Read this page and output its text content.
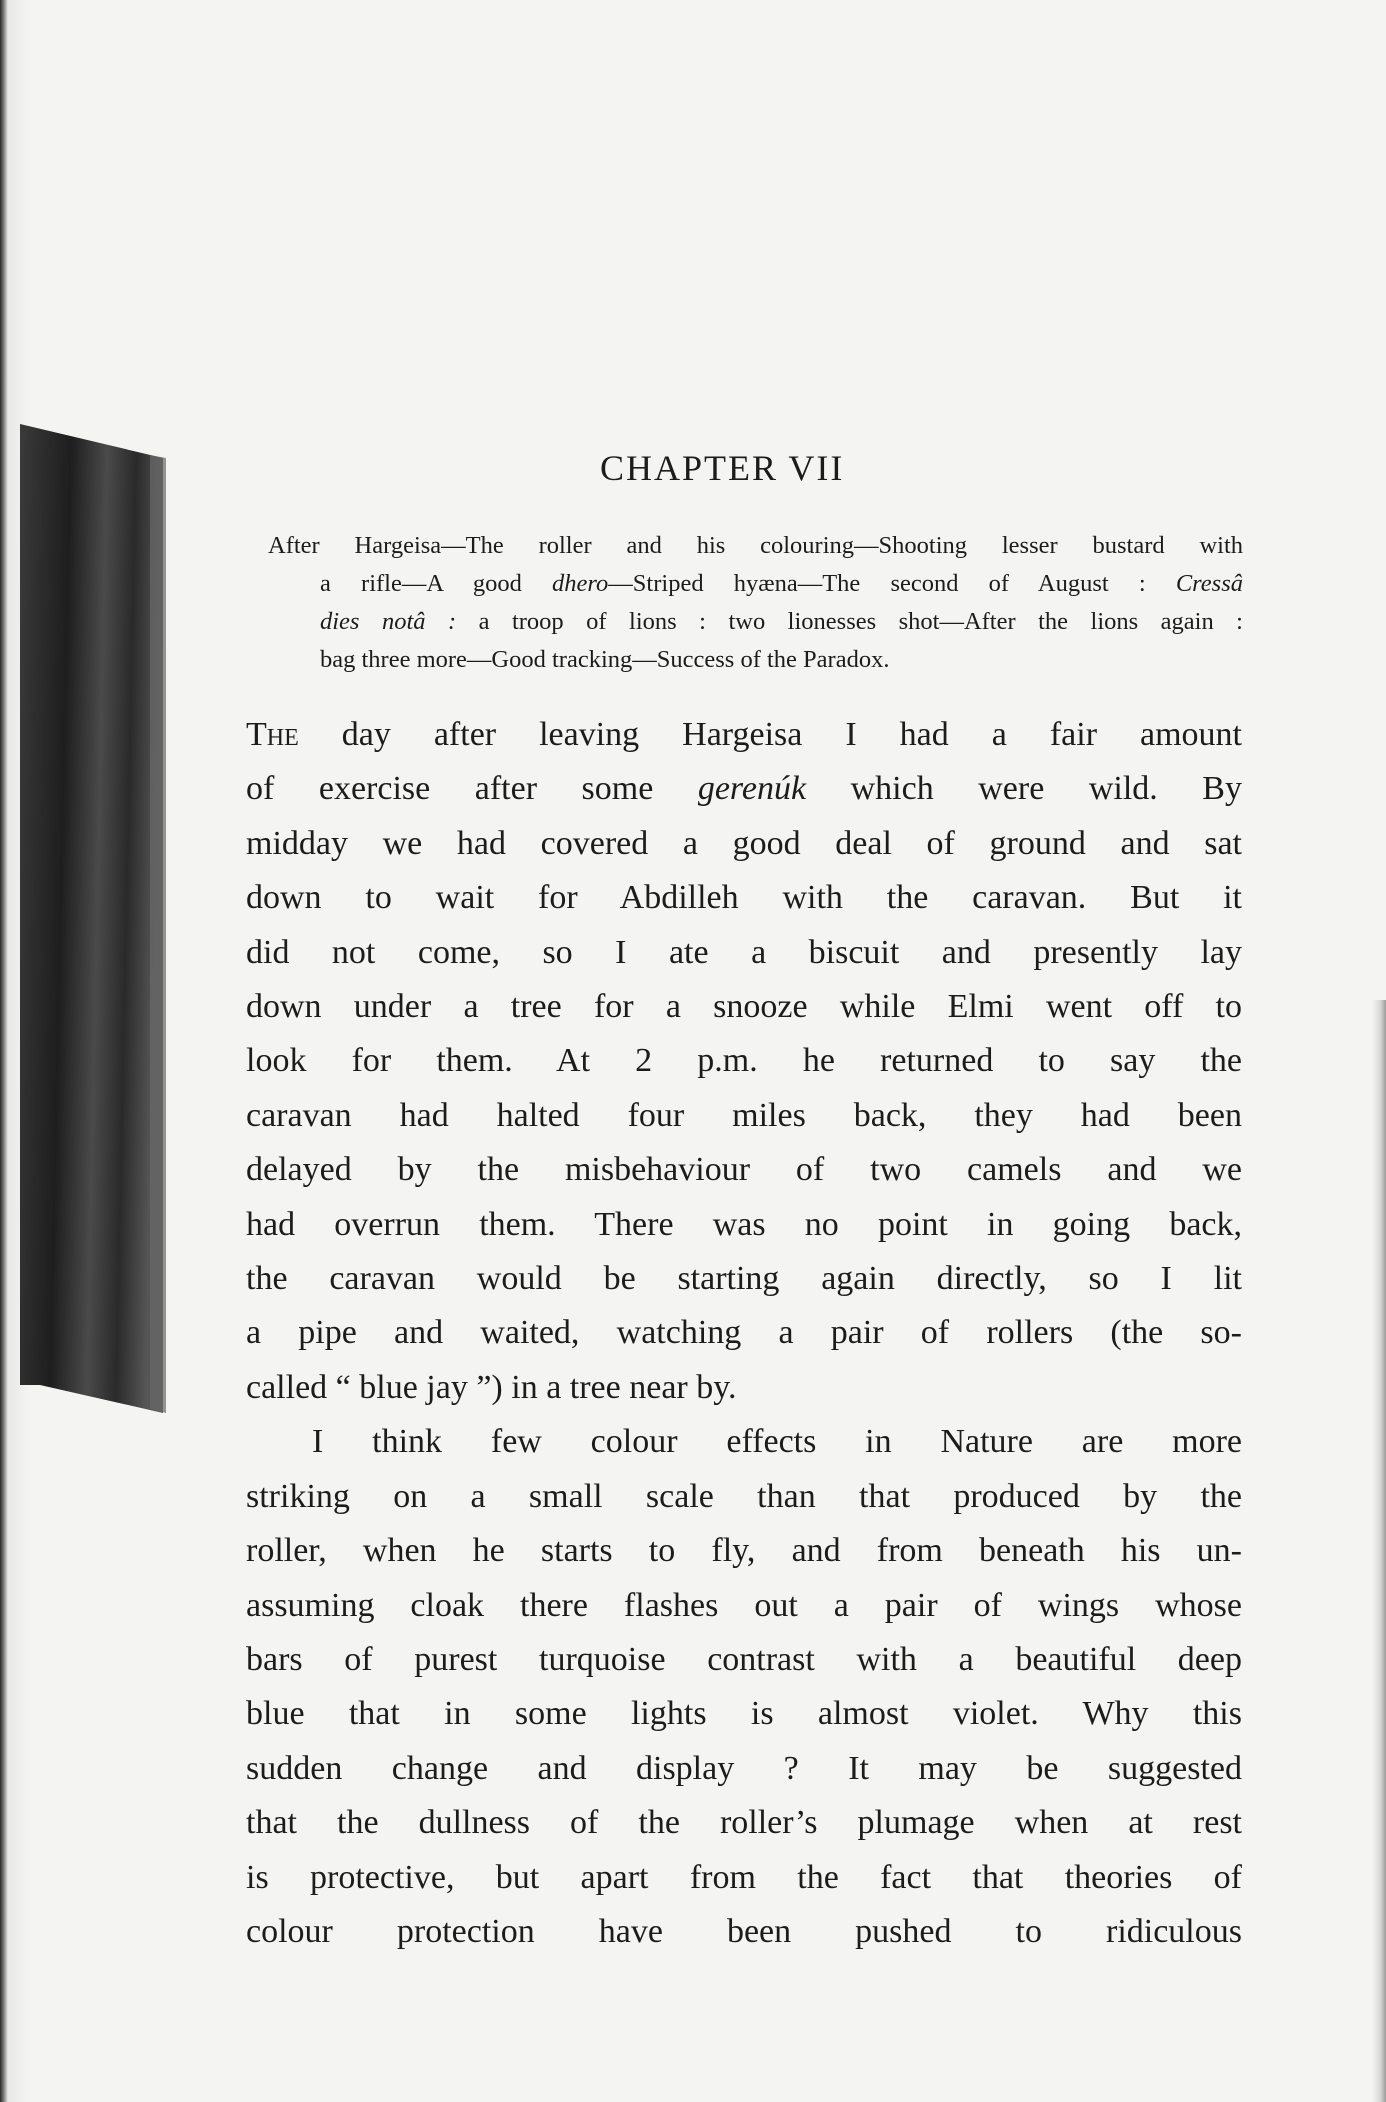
CHAPTER VII
After Hargeisa—The roller and his colouring—Shooting lesser bustard with
a rifle—A good dhero—Striped hyæna—The second of August : Cressâ
dies notâ : a troop of lions : two lionesses shot—After the lions again :
bag three more—Good tracking—Success of the Paradox.
The day after leaving Hargeisa I had a fair amount
of exercise after some gerenúk which were wild. By
midday we had covered a good deal of ground and sat
down to wait for Abdilleh with the caravan. But it
did not come, so I ate a biscuit and presently lay
down under a tree for a snooze while Elmi went off to
look for them. At 2 p.m. he returned to say the
caravan had halted four miles back, they had been
delayed by the misbehaviour of two camels and we
had overrun them. There was no point in going back,
the caravan would be starting again directly, so I lit
a pipe and waited, watching a pair of rollers (the so-
called “ blue jay ”) in a tree near by.
I think few colour effects in Nature are more
striking on a small scale than that produced by the
roller, when he starts to fly, and from beneath his un-
assuming cloak there flashes out a pair of wings whose
bars of purest turquoise contrast with a beautiful deep
blue that in some lights is almost violet. Why this
sudden change and display ? It may be suggested
that the dullness of the roller’s plumage when at rest
is protective, but apart from the fact that theories of
colour protection have been pushed to ridiculous
